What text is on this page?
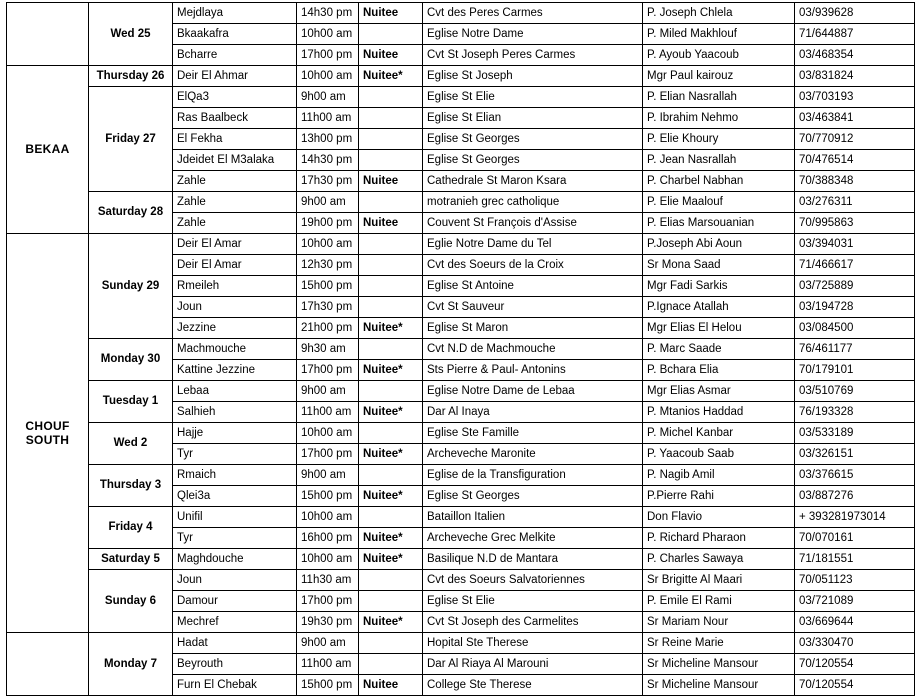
	Wed 25	Mejdlaya	14h30 pm	Nuitee	Cvt des Peres Carmes	P. Joseph Chlela	03/939628
		Bkaakafra	10h00 am		Eglise Notre Dame	P. Miled Makhlouf	71/644887
		Bcharre	17h00 pm	Nuitee	Cvt St Joseph Peres Carmes	P. Ayoub Yaacoub	03/468354
BEKAA	Thursday 26	Deir El Ahmar	10h00 am	Nuitee*	Eglise St Joseph	Mgr Paul kairouz	03/831824
	Friday 27	ElQa3	9h00 am		Eglise St Elie	P. Elian Nasrallah	03/703193
		Ras Baalbeck	11h00 am		Eglise St Elian	P. Ibrahim Nehmo	03/463841
		El Fekha	13h00 pm		Eglise St Georges	P. Elie Khoury	70/770912
		Jdeidet El M3alaka	14h30 pm		Eglise St Georges	P. Jean Nasrallah	70/476514
		Zahle	17h30 pm	Nuitee	Cathedrale St Maron Ksara	P. Charbel Nabhan	70/388348
	Saturday 28	Zahle	9h00 am		motranieh grec catholique	P. Elie Maalouf	03/276311
		Zahle	19h00 pm	Nuitee	Couvent St François d'Assise	P. Elias Marsouanian	70/995863
CHOUF
SOUTH	Sunday 29	Deir El Amar	10h00 am		Eglie Notre Dame du Tel	P.Joseph Abi Aoun	03/394031
		Deir El Amar	12h30 pm		Cvt des Soeurs de la Croix	Sr Mona Saad	71/466617
		Rmeileh	15h00 pm		Eglise St Antoine	Mgr Fadi Sarkis	03/725889
		Joun	17h30 pm		Cvt St Sauveur	P.Ignace Atallah	03/194728
		Jezzine	21h00 pm	Nuitee*	Eglise St Maron	Mgr Elias El Helou	03/084500
	Monday 30	Machmouche	9h30 am		Cvt N.D de Machmouche	P. Marc Saade	76/461177
		Kattine Jezzine	17h00 pm	Nuitee*	Sts Pierre & Paul- Antonins	P. Bchara Elia	70/179101
	Tuesday 1	Lebaa	9h00 am		Eglise Notre Dame de Lebaa	Mgr Elias Asmar	03/510769
		Salhieh	11h00 am	Nuitee*	Dar Al Inaya	P. Mtanios Haddad	76/193328
	Wed 2	Hajje	10h00 am		Eglise Ste Famille	P. Michel Kanbar	03/533189
		Tyr	17h00 pm	Nuitee*	Archeveche Maronite	P. Yaacoub Saab	03/326151
	Thursday 3	Rmaich	9h00 am		Eglise de la Transfiguration	P. Nagib Amil	03/376615
		Qlei3a	15h00 pm	Nuitee*	Eglise St Georges	P.Pierre Rahi	03/887276
	Friday 4	Unifil	10h00 am		Bataillon Italien	Don Flavio	+ 393281973014
		Tyr	16h00 pm	Nuitee*	Archeveche Grec Melkite	P. Richard Pharaon	70/070161
	Saturday 5	Maghdouche	10h00 am	Nuitee*	Basilique N.D de Mantara	P. Charles Sawaya	71/181551
	Sunday 6	Joun	11h30 am		Cvt des Soeurs Salvatoriennes	Sr Brigitte Al Maari	70/051123
		Damour	17h00 pm		Eglise St Elie	P. Emile El Rami	03/721089
		Mechref	19h30 pm	Nuitee*	Cvt St Joseph des Carmelites	Sr Mariam Nour	03/669644
	Monday 7	Hadat	9h00 am		Hopital Ste Therese	Sr Reine Marie	03/330470
		Beyrouth	11h00 am		Dar Al Riaya Al Marouni	Sr Micheline Mansour	70/120554
		Furn El Chebak	15h00 pm	Nuitee	College Ste Therese	Sr Micheline Mansour	70/120554
